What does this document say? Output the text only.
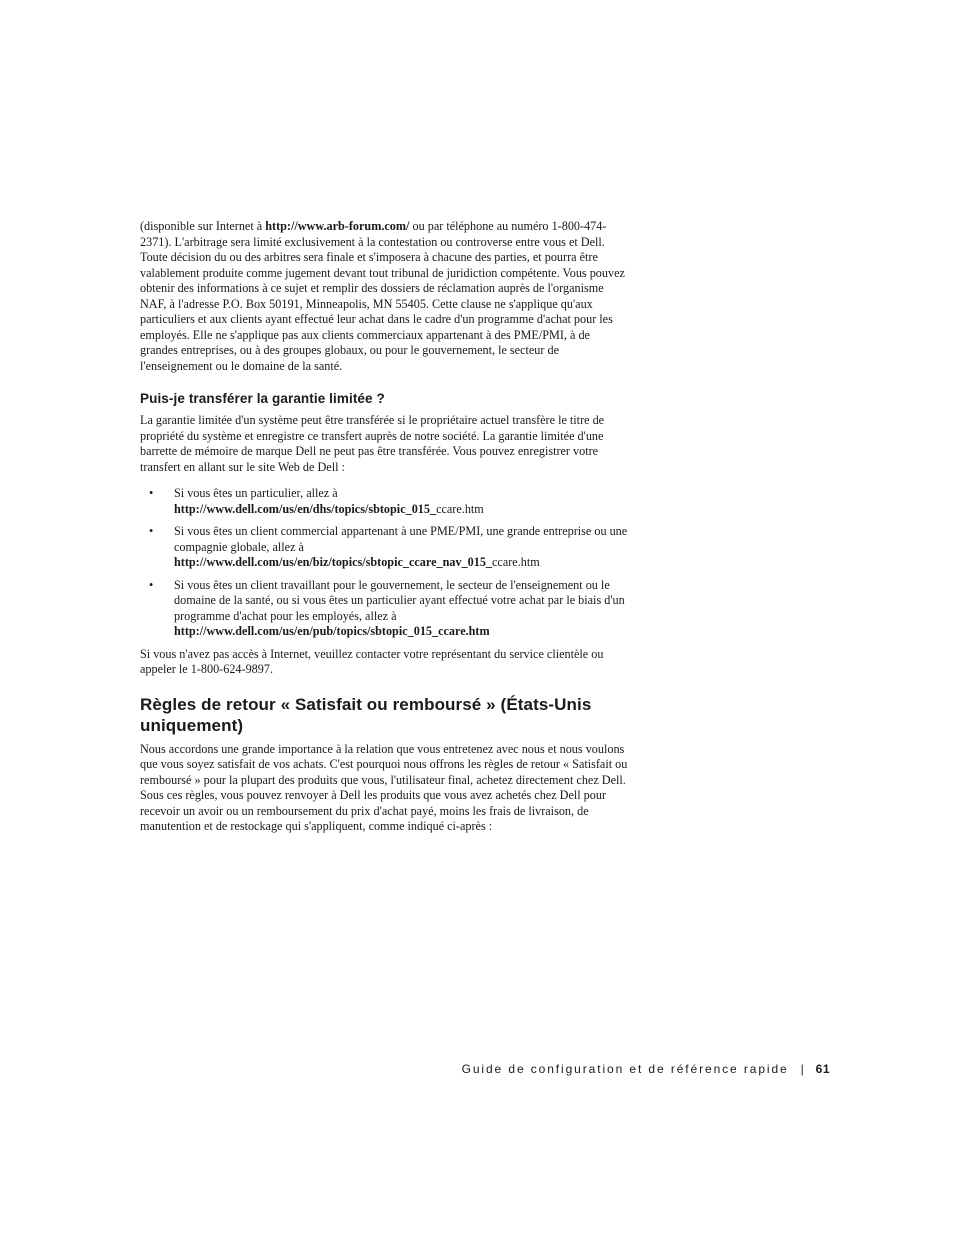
(disponible sur Internet à http://www.arb-forum.com/ ou par téléphone au numéro 1-800-474-2371). L'arbitrage sera limité exclusivement à la contestation ou controverse entre vous et Dell. Toute décision du ou des arbitres sera finale et s'imposera à chacune des parties, et pourra être valablement produite comme jugement devant tout tribunal de juridiction compétente. Vous pouvez obtenir des informations à ce sujet et remplir des dossiers de réclamation auprès de l'organisme NAF, à l'adresse P.O. Box 50191, Minneapolis, MN 55405. Cette clause ne s'applique qu'aux particuliers et aux clients ayant effectué leur achat dans le cadre d'un programme d'achat pour les employés. Elle ne s'applique pas aux clients commerciaux appartenant à des PME/PMI, à de grandes entreprises, ou à des groupes globaux, ou pour le gouvernement, le secteur de l'enseignement ou le domaine de la santé.

Puis-je transférer la garantie limitée ?

La garantie limitée d'un système peut être transférée si le propriétaire actuel transfère le titre de propriété du système et enregistre ce transfert auprès de notre société. La garantie limitée d'une barrette de mémoire de marque Dell ne peut pas être transférée. Vous pouvez enregistrer votre transfert en allant sur le site Web de Dell :

• Si vous êtes un particulier, allez à
http://www.dell.com/us/en/dhs/topics/sbtopic_015_ccare.htm
• Si vous êtes un client commercial appartenant à une PME/PMI, une grande entreprise ou une compagnie globale, allez à
http://www.dell.com/us/en/biz/topics/sbtopic_ccare_nav_015_ccare.htm
• Si vous êtes un client travaillant pour le gouvernement, le secteur de l'enseignement ou le domaine de la santé, ou si vous êtes un particulier ayant effectué votre achat par le biais d'un programme d'achat pour les employés, allez à
http://www.dell.com/us/en/pub/topics/sbtopic_015_ccare.htm

Si vous n'avez pas accès à Internet, veuillez contacter votre représentant du service clientèle ou appeler le 1-800-624-9897.

Règles de retour « Satisfait ou remboursé » (États-Unis uniquement)

Nous accordons une grande importance à la relation que vous entretenez avec nous et nous voulons que vous soyez satisfait de vos achats. C'est pourquoi nous offrons les règles de retour « Satisfait ou remboursé » pour la plupart des produits que vous, l'utilisateur final, achetez directement chez Dell. Sous ces règles, vous pouvez renvoyer à Dell les produits que vous avez achetés chez Dell pour recevoir un avoir ou un remboursement du prix d'achat payé, moins les frais de livraison, de manutention et de restockage qui s'appliquent, comme indiqué ci-après :

Guide de configuration et de référence rapide | 61
